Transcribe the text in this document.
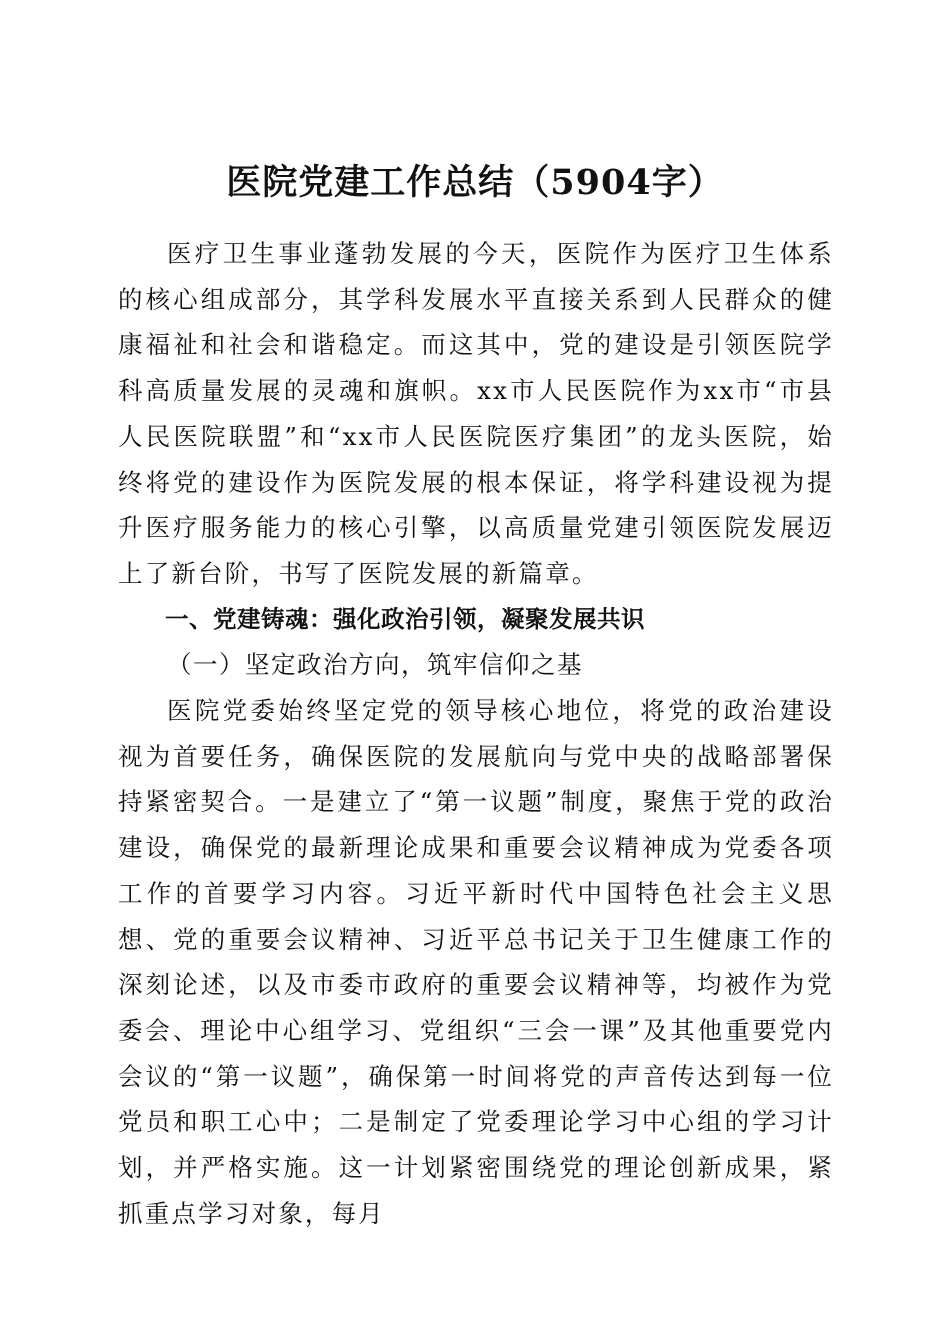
医院党建工作总结（5904字）

医疗卫生事业蓬勃发展的今天，医院作为医疗卫生体系的核心组成部分，其学科发展水平直接关系到人民群众的健康福祉和社会和谐稳定。而这其中，党的建设是引领医院学科高质量发展的灵魂和旗帜。xx市人民医院作为xx市“市县人民医院联盟”和“xx市人民医院医疗集团”的龙头医院，始终将党的建设作为医院发展的根本保证，将学科建设视为提升医疗服务能力的核心引擎，以高质量党建引领医院发展迈上了新台阶，书写了医院发展的新篇章。

一、党建铸魂：强化政治引领，凝聚发展共识

（一）坚定政治方向，筑牢信仰之基

医院党委始终坚定党的领导核心地位，将党的政治建设视为首要任务，确保医院的发展航向与党中央的战略部署保持紧密契合。一是建立了“第一议题”制度，聚焦于党的政治建设，确保党的最新理论成果和重要会议精神成为党委各项工作的首要学习内容。习近平新时代中国特色社会主义思想、党的重要会议精神、习近平总书记关于卫生健康工作的深刻论述，以及市委市政府的重要会议精神等，均被作为党委会、理论中心组学习、党组织“三会一课”及其他重要党内会议的“第一议题”，确保第一时间将党的声音传达到每一位党员和职工心中；二是制定了党委理论学习中心组的学习计划，并严格实施。这一计划紧密围绕党的理论创新成果，紧抓重点学习对象，每月
